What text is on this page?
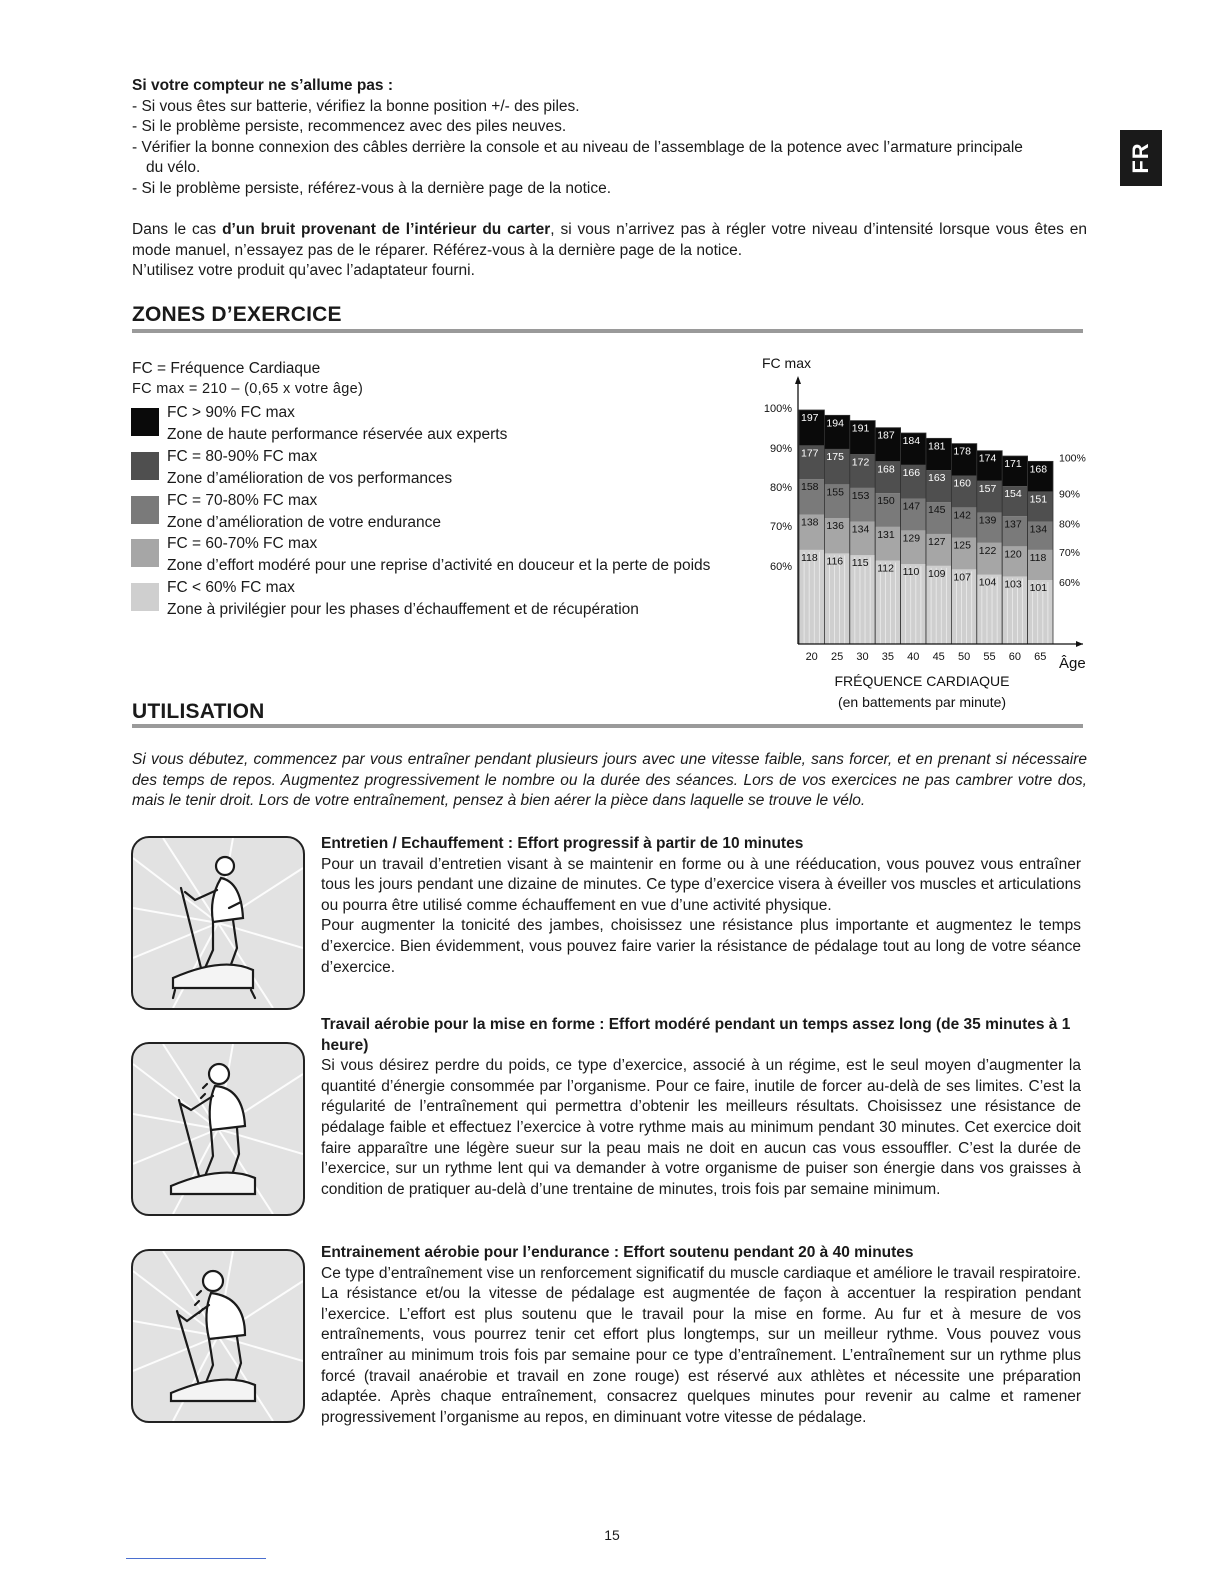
FR
Si votre compteur ne s’allume pas :
- Si vous êtes sur batterie, vérifiez la bonne position +/- des piles.
- Si le problème persiste, recommencez avec des piles neuves.
- Vérifier la bonne connexion des câbles derrière la console et au niveau de l’assemblage de la potence avec l’armature principale
du vélo.
- Si le problème persiste, référez-vous à la dernière page de la notice.
Dans le cas d’un bruit provenant de l’intérieur du carter, si vous n’arrivez pas à régler votre niveau d’intensité lorsque vous êtes en mode manuel, n’essayez pas de le réparer. Référez-vous à la dernière page de la notice.
N’utilisez votre produit qu’avec l’adaptateur fourni.
ZONES D’EXERCICE
FC = Fréquence Cardiaque
FC max = 210 – (0,65 x votre âge)
FC > 90% FC max
Zone de haute performance réservée aux experts
FC = 80-90% FC max
Zone d’amélioration de vos performances
FC = 70-80% FC max
Zone d’amélioration de votre endurance
FC = 60-70% FC max
Zone d’effort modéré pour une reprise d’activité en douceur et la perte de poids
FC < 60% FC max
Zone à privilégier pour les phases d’échauffement et de récupération
197
177
158
138
118
20
194
175
155
136
116
25
191
172
153
134
115
30
187
168
150
131
112
35
184
166
147
129
110
40
181
163
145
127
109
45
178
160
142
125
107
50
174
157
139
122
104
55
171
154
137
120
103
60
168
151
134
118
101
65
100%
90%
80%
70%
60%
100%
90%
80%
70%
60%
FC max
Âge
FRÉQUENCE CARDIAQUE
(en battements par minute)
UTILISATION
Si vous débutez, commencez par vous entraîner pendant plusieurs jours avec une vitesse faible, sans forcer, et en prenant si nécessaire des temps de repos. Augmentez progressivement le nombre ou la durée des séances. Lors de vos exercices ne pas cambrer votre dos, mais le tenir droit. Lors de votre entraînement, pensez à bien aérer la pièce dans laquelle se trouve le vélo.
Entretien / Echauffement : Effort progressif à partir de 10 minutes
Pour un travail d’entretien visant à se maintenir en forme ou à une rééducation, vous pouvez vous entraîner tous les jours pendant une dizaine de minutes. Ce type d’exercice visera à éveiller vos muscles et articulations ou pourra être utilisé comme échauffement en vue d’une activité physique.
Pour augmenter la tonicité des jambes, choisissez une résistance plus importante et augmentez le temps d’exercice. Bien évidemment, vous pouvez faire varier la résistance de pédalage tout au long de votre séance d’exercice.
Travail aérobie pour la mise en forme : Effort modéré pendant un temps assez long (de 35 minutes à 1 heure)
Si vous désirez perdre du poids, ce type d’exercice, associé à un régime, est le seul moyen d’augmenter la quantité d’énergie consommée par l’organisme. Pour ce faire, inutile de forcer au-delà de ses limites. C’est la régularité de l’entraînement qui permettra d’obtenir les meilleurs résultats. Choisissez une résistance de pédalage faible et effectuez l’exercice à votre rythme mais au minimum pendant 30 minutes. Cet exercice doit faire apparaître une légère sueur sur la peau mais ne doit en aucun cas vous essouffler. C’est la durée de l’exercice, sur un rythme lent qui va demander à votre organisme de puiser son énergie dans vos graisses à condition de pratiquer au-delà d’une trentaine de minutes, trois fois par semaine minimum.
Entrainement aérobie pour l’endurance : Effort soutenu pendant 20 à 40 minutes
Ce type d’entraînement vise un renforcement significatif du muscle cardiaque et améliore le travail respiratoire. La résistance et/ou la vitesse de pédalage est augmentée de façon à accentuer la respiration pendant l’exercice. L’effort est plus soutenu que le travail pour la mise en forme. Au fur et à mesure de vos entraînements, vous pourrez tenir cet effort plus longtemps, sur un meilleur rythme. Vous pouvez vous entraîner au minimum trois fois par semaine pour ce type d’entraînement. L’entraînement sur un rythme plus forcé (travail anaérobie et travail en zone rouge) est réservé aux athlètes et nécessite une préparation adaptée. Après chaque entraînement, consacrez quelques minutes pour revenir au calme et ramener progressivement l’organisme au repos, en diminuant votre vitesse de pédalage.
15
